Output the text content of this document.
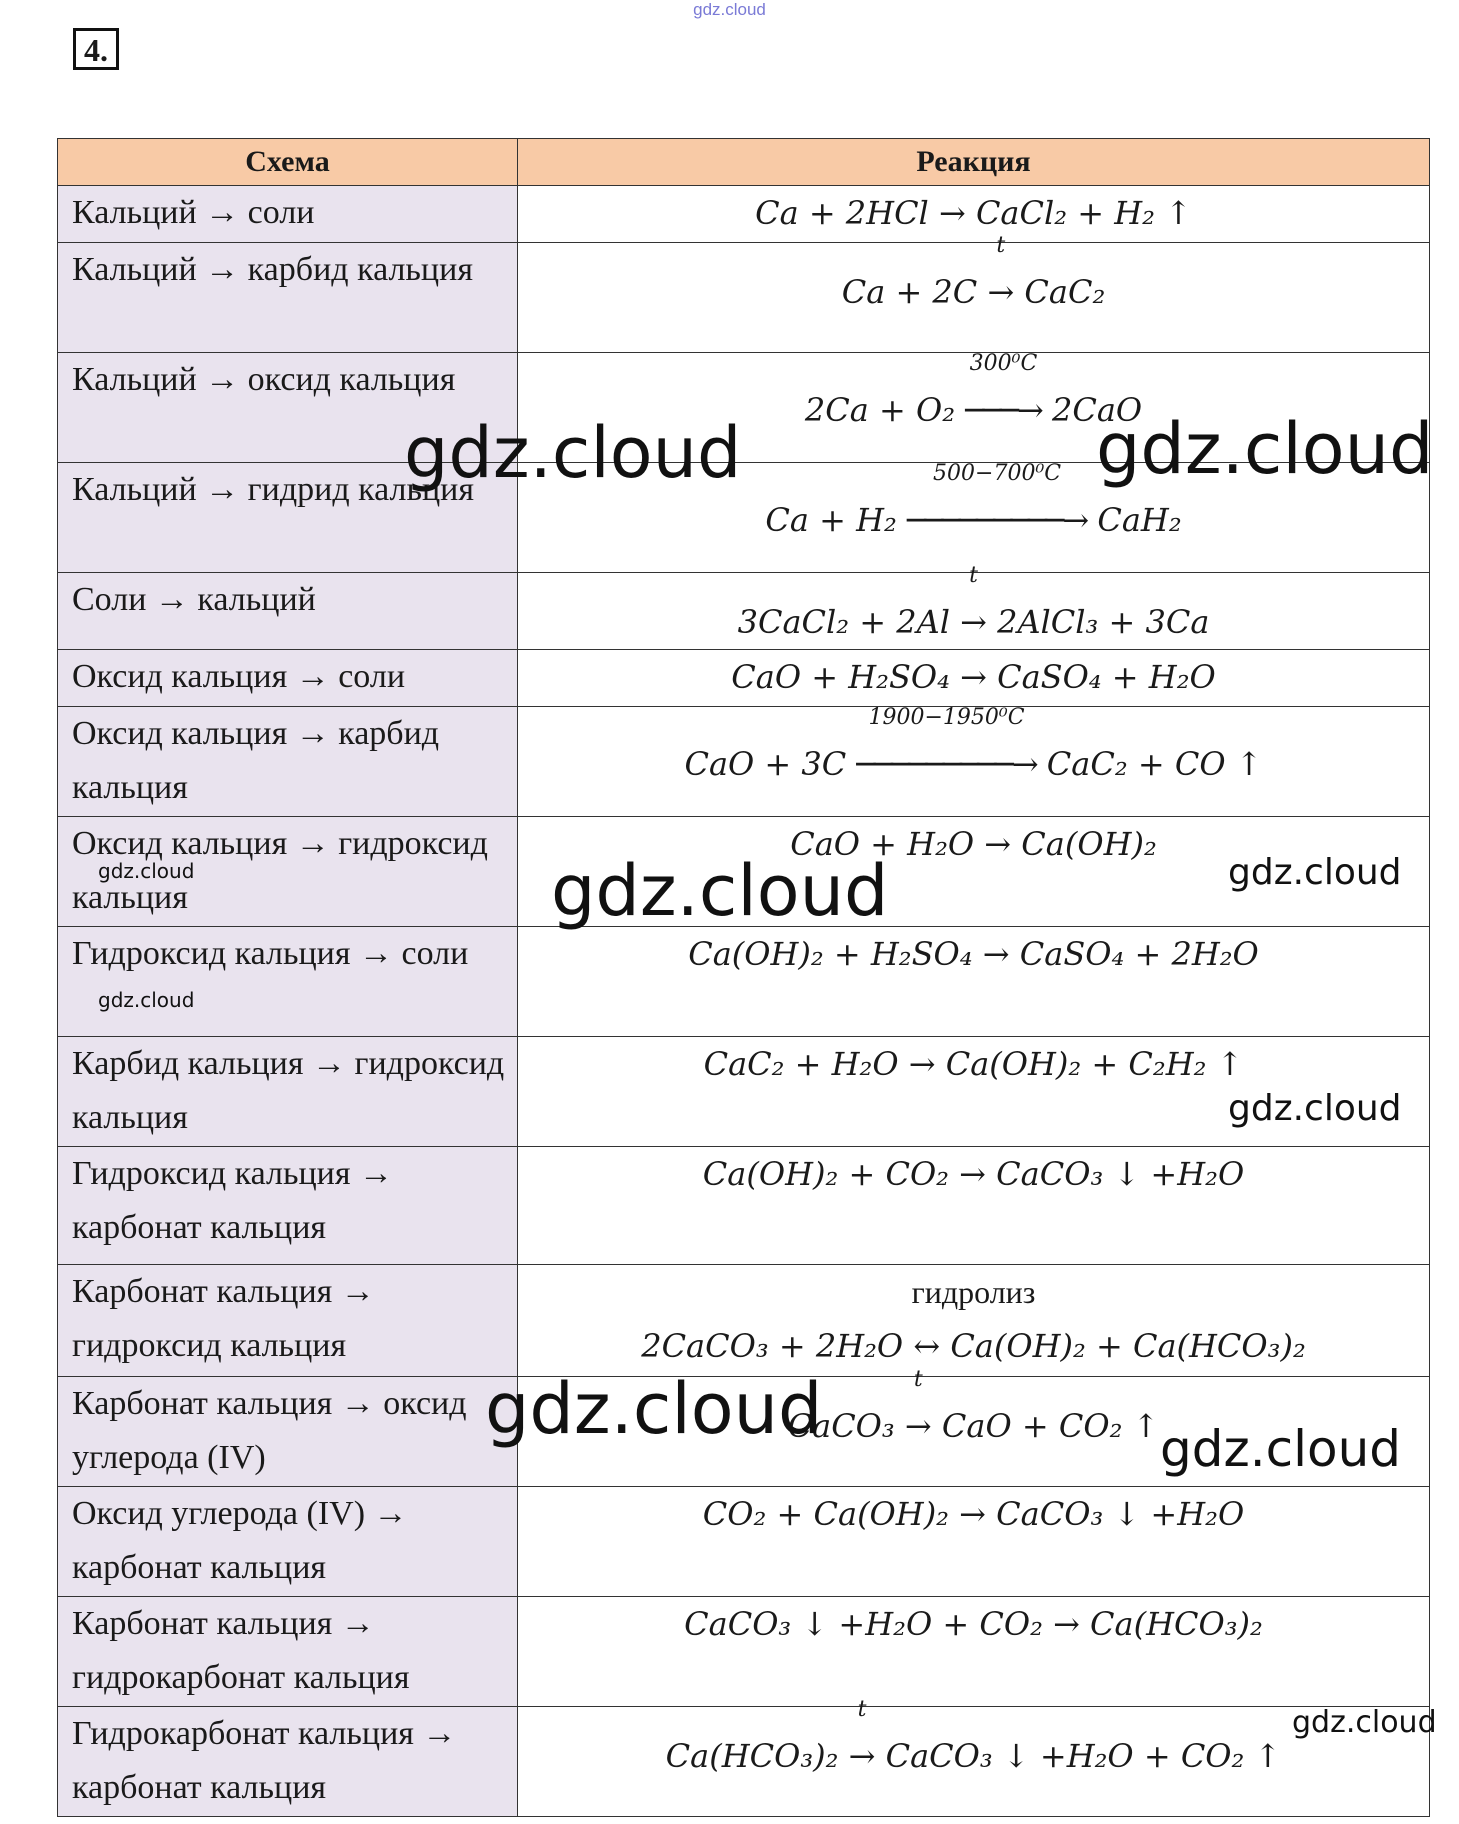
gdz.cloud
4.
Схема	Реакция
Кальций → соли	Ca + 2HCl → CaCl₂ + H₂ ↑

Кальций → карбид кальция	Ca + 2C
t
→ CaC₂

Кальций → оксид кальция	2Ca + O₂
300⁰C
───→ 2CaO

Кальций → гидрид кальция	Ca + H₂
500−700⁰C
─────────→ CaH₂

Соли → кальций	3CaCl₂ + 2Al
t
→ 2AlCl₃ + 3Ca

Оксид кальция → соли	CaO + H₂SO₄ → CaSO₄ + H₂O

Оксид кальция → карбид кальция	CaO + 3C
1900−1950⁰C
─────────→ CaC₂ + CO ↑

Оксид кальция → гидроксид кальция	CaO + H₂O → Ca(OH)₂

Гидроксид кальция → соли	Ca(OH)₂ + H₂SO₄ → CaSO₄ + 2H₂O

Карбид кальция → гидроксид кальция	CaC₂ + H₂O → Ca(OH)₂ + C₂H₂ ↑

Гидроксид кальция → карбонат кальция	Ca(OH)₂ + CO₂ → CaCO₃ ↓ +H₂O

Карбонат кальция → гидроксид кальция	гидролиз
2CaCO₃ + 2H₂O ↔ Ca(OH)₂ + Ca(HCO₃)₂

Карбонат кальция → оксид углерода (IV)	CaCO₃
t
→ CaO + CO₂ ↑

Оксид углерода (IV) → карбонат кальция	CO₂ + Ca(OH)₂ → CaCO₃ ↓ +H₂O

Карбонат кальция → гидрокарбонат кальция	CaCO₃ ↓ +H₂O + CO₂ → Ca(HCO₃)₂

Гидрокарбонат кальция → карбонат кальция	Ca(HCO₃)₂
t
→ CaCO₃ ↓ +H₂O + CO₂ ↑
gdz.cloud	gdz.cloud
gdz.cloud
gdz.cloud
gdz.cloud
gdz.cloud
gdz.cloud
gdz.cloud
gdz.cloud
gdz.cloud
